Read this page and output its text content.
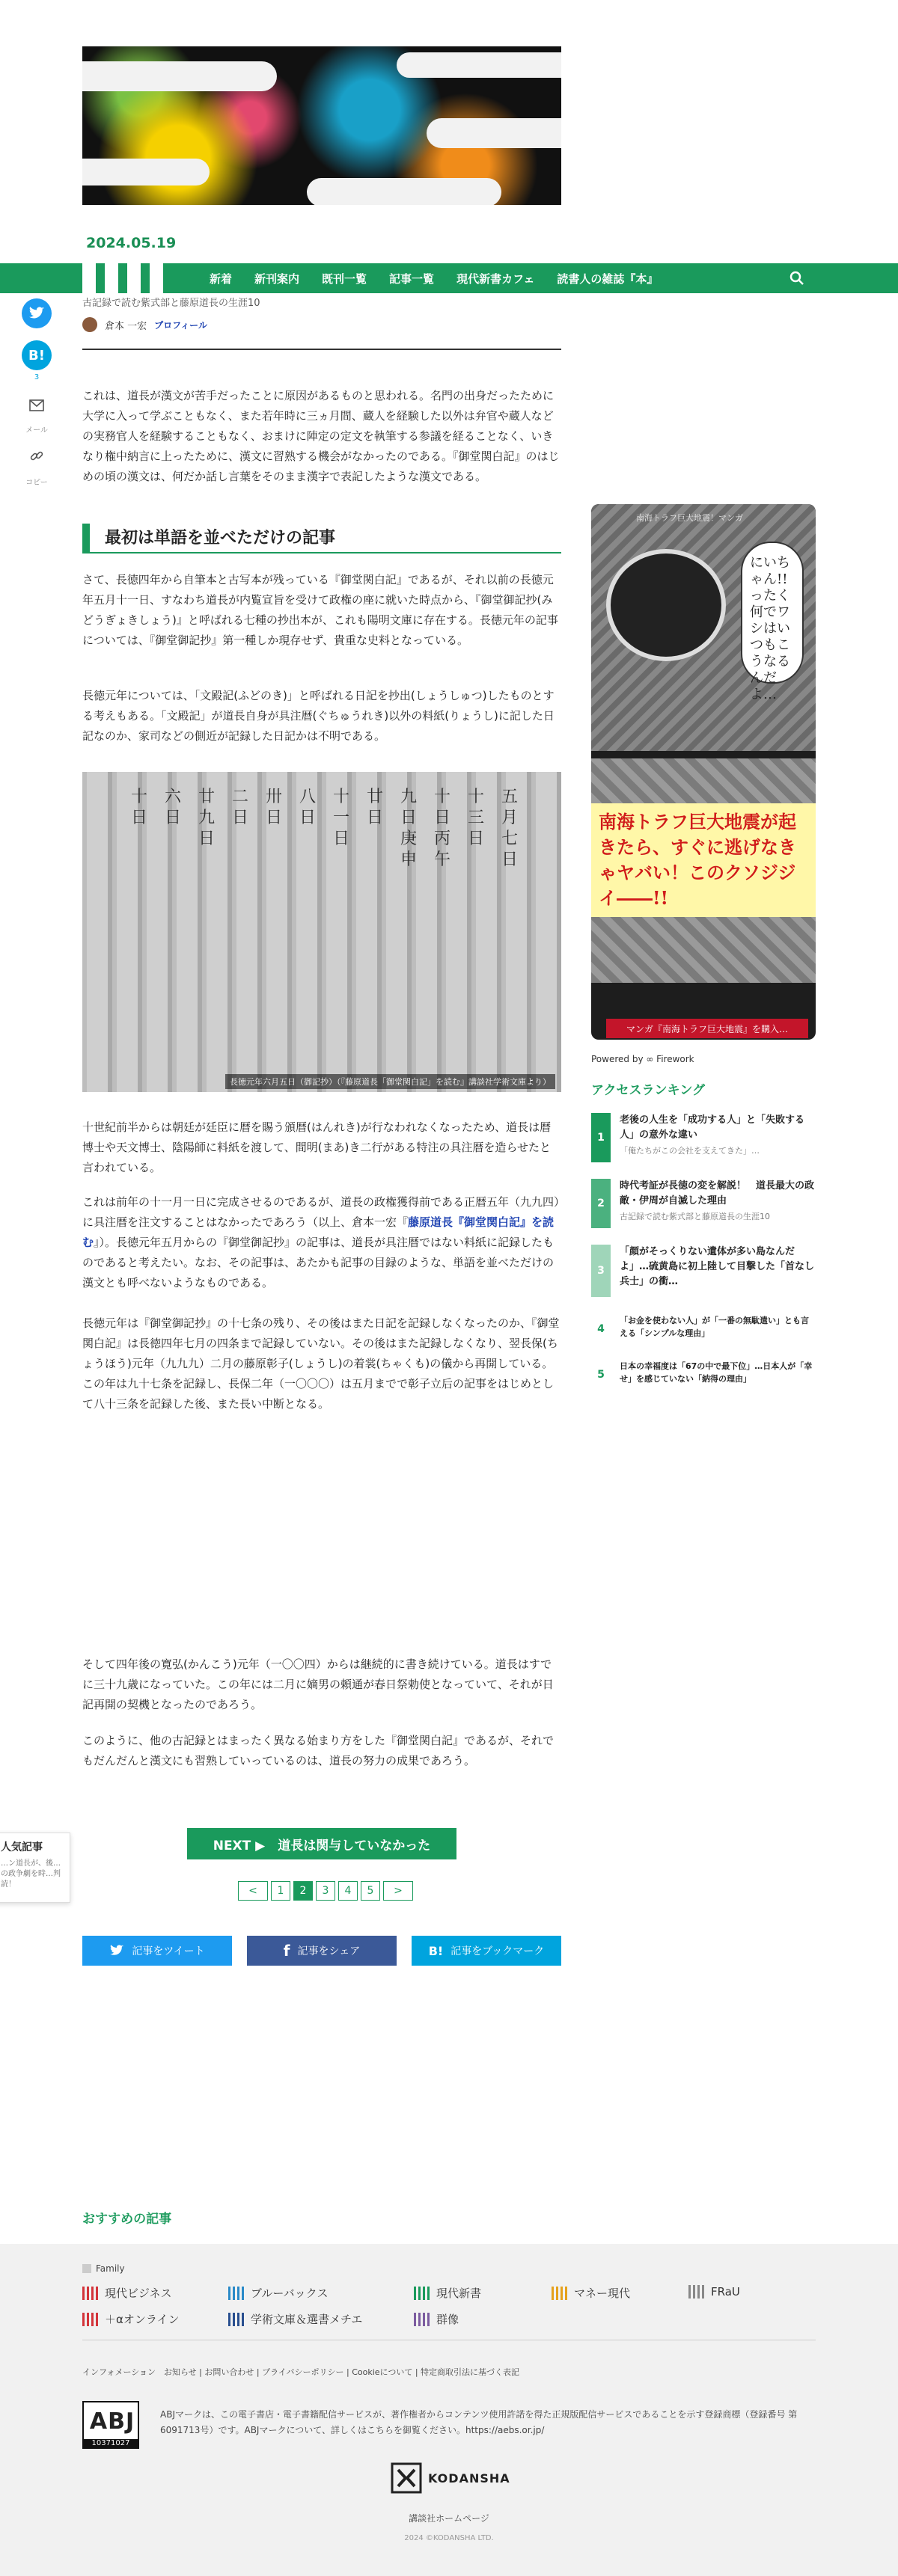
2024.05.19
新着 新刊案内 既刊一覧 記事一覧 現代新書カフェ 読書人の雑誌『本』
古記録で読む紫式部と藤原道長の生涯10
倉本 一宏 プロフィール
B!
3
メール
コピー
これは、道長が漢文が苦手だったことに原因があるものと思われる。名門の出身だったために大学に入って学ぶこともなく、また若年時に三ヵ月間、蔵人を経験した以外は弁官や蔵人などの実務官人を経験することもなく、おまけに陣定の定文を執筆する参議を経ることなく、いきなり権中納言に上ったために、漢文に習熟する機会がなかったのである。『御堂関白記』のはじめの頃の漢文は、何だか話し言葉をそのまま漢字で表記したような漢文である。
最初は単語を並べただけの記事
さて、長徳四年から自筆本と古写本が残っている『御堂関白記』であるが、それ以前の長徳元年五月十一日、すなわち道長が内覧宣旨を受けて政権の座に就いた時点から、『御堂御記抄(みどうぎょきしょう)』と呼ばれる七種の抄出本が、これも陽明文庫に存在する。長徳元年の記事については、『御堂御記抄』第一種しか現存せず、貴重な史料となっている。
長徳元年については、「文殿記(ふどのき)」と呼ばれる日記を抄出(しょうしゅつ)したものとする考えもある。「文殿記」が道長自身が具注暦(ぐちゅうれき)以外の料紙(りょうし)に記した日記なのか、家司などの側近が記録した日記かは不明である。
五月七日
十三日
十日丙午
九日庚申
廿日
十一日
八日
卅日
二日
廿九日
六日
十日
長徳元年六月五日（御記抄）（『藤原道長「御堂関白記」を読む』講談社学術文庫より）
十世紀前半からは朝廷が廷臣に暦を賜う頒暦(はんれき)が行なわれなくなったため、道長は暦博士や天文博士、陰陽師に料紙を渡して、間明(まあ)き二行がある特注の具注暦を造らせたと言われている。
これは前年の十一月一日に完成させるのであるが、道長の政権獲得前である正暦五年（九九四）に具注暦を注文することはなかったであろう（以上、倉本一宏『藤原道長『御堂関白記』を読む』）。長徳元年五月からの『御堂御記抄』の記事は、道長が具注暦ではない料紙に記録したものであると考えたい。なお、その記事は、あたかも記事の目録のような、単語を並べただけの漢文とも呼べないようなものである。
長徳元年は『御堂御記抄』の十七条の残り、その後はまた日記を記録しなくなったのか、『御堂関白記』は長徳四年七月の四条まで記録していない。その後はまた記録しなくなり、翌長保(ちょうほう)元年（九九九）二月の藤原彰子(しょうし)の着裳(ちゃくも)の儀から再開している。この年は九十七条を記録し、長保二年（一〇〇〇）は五月までで彰子立后の記事をはじめとして八十三条を記録した後、また長い中断となる。
そして四年後の寛弘(かんこう)元年（一〇〇四）からは継続的に書き続けている。道長はすでに三十九歳になっていた。この年には二月に嫡男の頼通が春日祭勅使となっていて、それが日記再開の契機となったのであろう。
このように、他の古記録とはまったく異なる始まり方をした『御堂関白記』であるが、それでもだんだんと漢文にも習熟していっているのは、道長の努力の成果であろう。
人気記事
…ン道長が、後…の政争劇を時…判読！
NEXT ▶　道長は関与していなかった
<	1	2	3	4	5	>
記事をツイート	f 記事をシェア	B! 記事をブックマーク
にいちゃん!!　ったく何でワシはいつもこうなるんだよ…
南海トラフ巨大地震！マンガ
南海トラフ巨大地震が起きたら、すぐに逃げなきゃヤバい！このクソジジイ――!!
マンガ『南海トラフ巨大地震』を購入…
Powered by ∞ Firework
アクセスランキング
1
老後の人生を「成功する人」と「失敗する人」の意外な違い
「俺たちがこの会社を支えてきた」…
2
時代考証が長徳の変を解説！　道長最大の政敵・伊周が自滅した理由
古記録で読む紫式部と藤原道長の生涯10
3
「顔がそっくりない遺体が多い島なんだよ」…硫黄島に初上陸して目撃した「首なし兵士」の衝…
4
「お金を使わない人」が「一番の無駄遣い」とも言える「シンプルな理由」
5
日本の幸福度は「67の中で最下位」…日本人が「幸せ」を感じていない「納得の理由」
おすすめの記事
Family
現代ビジネス	ブルーバックス	現代新書	マネー現代	FRaU
＋αオンライン	学術文庫＆選書メチエ	群像
インフォメーション　お知らせ | お問い合わせ | プライバシーポリシー | Cookieについて | 特定商取引法に基づく表記
ABJ
10371027
ABJマークは、この電子書店・電子書籍配信サービスが、著作権者からコンテンツ使用許諾を得た正規版配信サービスであることを示す登録商標（登録番号 第6091713号）です。ABJマークについて、詳しくはこちらを御覧ください。https://aebs.or.jp/
KODANSHA
講談社ホームページ
2024 ©KODANSHA LTD.
